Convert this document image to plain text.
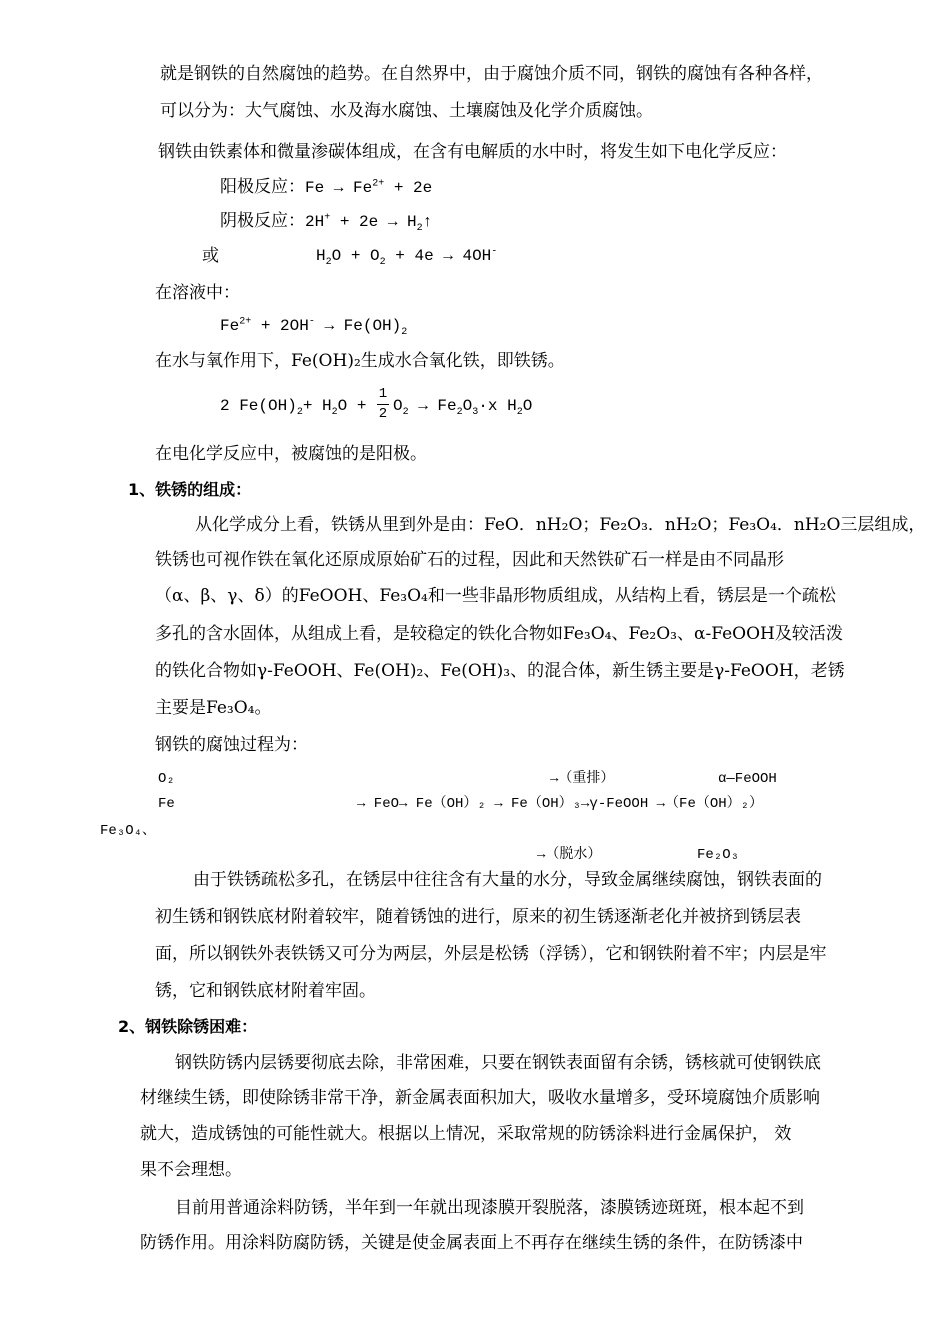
就是钢铁的自然腐蚀的趋势。在自然界中，由于腐蚀介质不同，钢铁的腐蚀有各种各样，
可以分为：大气腐蚀、水及海水腐蚀、土壤腐蚀及化学介质腐蚀。
钢铁由铁素体和微量渗碳体组成，在含有电解质的水中时，将发生如下电化学反应：
阳极反应：$Fe \to Fe^{2+} + 2e$
阴极反应：$2H^+ + 2e \to H_2↑$
或	$H_2O + O_2 + 4e \to 4OH^-$
在溶液中：
$Fe^{2+} + 2OH^- \to Fe(OH)_2$
在水与氧作用下，Fe(OH)₂生成水合氧化铁，即铁锈。
2 $Fe(OH)_2+ H_2O$ +
1
2 $O_2 \to Fe_2O_3\cdot x$ $H_2O$
在电化学反应中，被腐蚀的是阳极。
1、铁锈的组成：
从化学成分上看，铁锈从里到外是由：FeO．nH₂O；Fe₂O₃．nH₂O；Fe₃O₄．nH₂O三层组成，
铁锈也可视作铁在氧化还原成原始矿石的过程，因此和天然铁矿石一样是由不同晶形
（α、β、γ、δ）的FeOOH、Fe₃O₄和一些非晶形物质组成，从结构上看，锈层是一个疏松
多孔的含水固体，从组成上看，是较稳定的铁化合物如Fe₃O₄、Fe₂O₃、α-FeOOH及较活泼
的铁化合物如γ-FeOOH、Fe(OH)₂、Fe(OH)₃、的混合体，新生锈主要是γ-FeOOH，老锈
主要是Fe₃O₄。
钢铁的腐蚀过程为：
O₂	→（重排）	α—FeOOH
Fe	→ FeO→ Fe（OH）₂ → Fe（OH）₃→γ-FeOOH →（Fe（OH）₂）
Fe₃O₄、
→（脱水）	Fe₂O₃
由于铁锈疏松多孔，在锈层中往往含有大量的水分，导致金属继续腐蚀，钢铁表面的
初生锈和钢铁底材附着较牢，随着锈蚀的进行，原来的初生锈逐渐老化并被挤到锈层表
面，所以钢铁外表铁锈又可分为两层，外层是松锈（浮锈），它和钢铁附着不牢；内层是牢
锈，它和钢铁底材附着牢固。
2、钢铁除锈困难：
钢铁防锈内层锈要彻底去除，非常困难，只要在钢铁表面留有余锈，锈核就可使钢铁底
材继续生锈，即使除锈非常干净，新金属表面积加大，吸收水量增多，受环境腐蚀介质影响
就大，造成锈蚀的可能性就大。根据以上情况，采取常规的防锈涂料进行金属保护， 效
果不会理想。
目前用普通涂料防锈，半年到一年就出现漆膜开裂脱落，漆膜锈迹斑斑，根本起不到
防锈作用。用涂料防腐防锈，关键是使金属表面上不再存在继续生锈的条件，在防锈漆中
